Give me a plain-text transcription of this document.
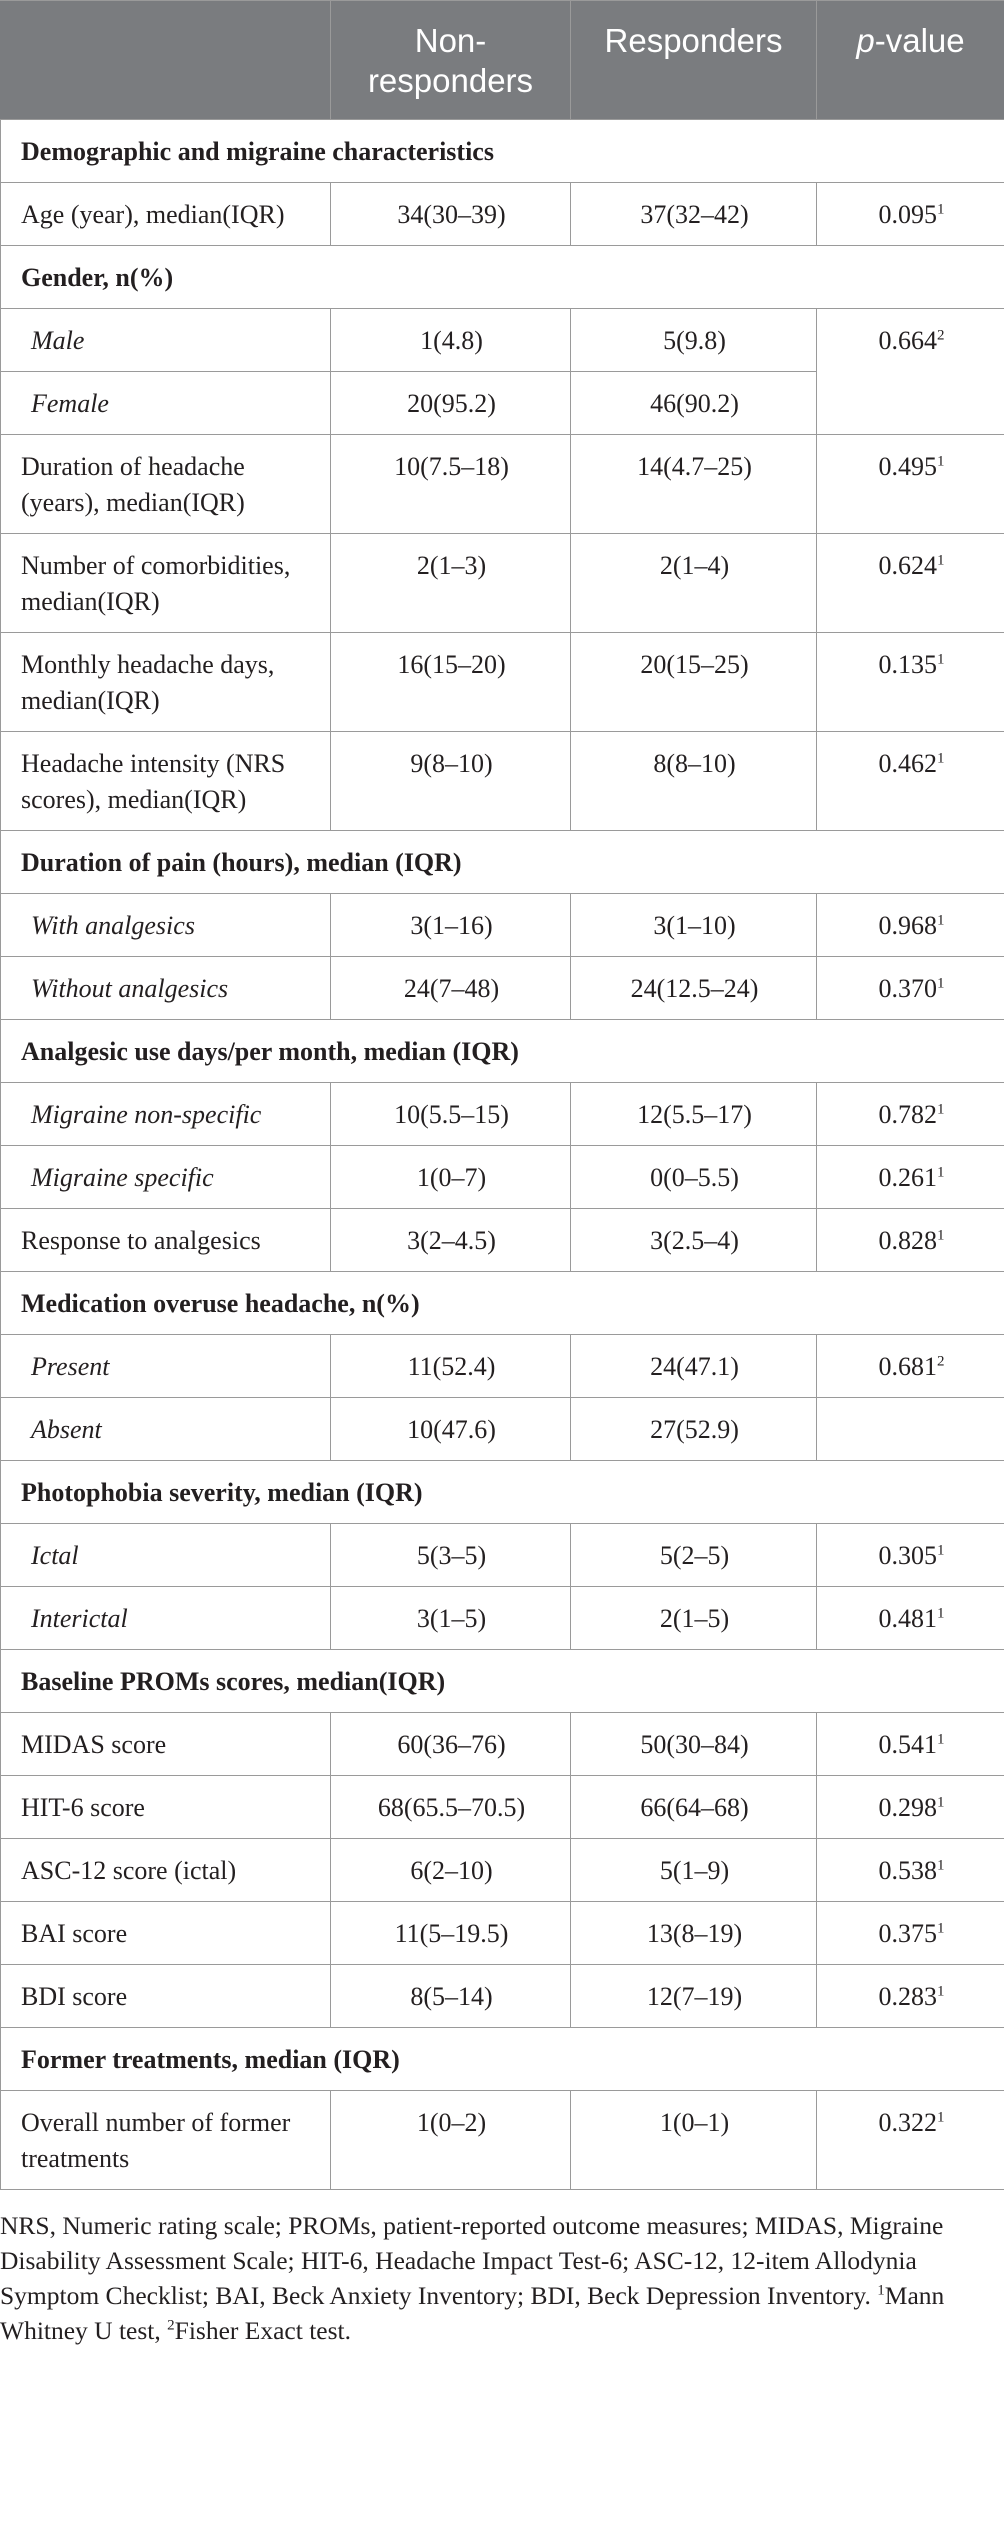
	Non-responders	Responders	p-value
Demographic and migraine characteristics			
Age (year), median(IQR)	34(30–39)	37(32–42)	0.095$^1$
Gender, n(%)			
Male	1(4.8)	5(9.8)	0.664$^2$
Female	20(95.2)	46(90.2)	
Duration of headache (years), median(IQR)	10(7.5–18)	14(4.7–25)	0.495$^1$
Number of comorbidities, median(IQR)	2(1–3)	2(1–4)	0.624$^1$
Monthly headache days, median(IQR)	16(15–20)	20(15–25)	0.135$^1$
Headache intensity (NRS scores), median(IQR)	9(8–10)	8(8–10)	0.462$^1$
Duration of pain (hours), median (IQR)			
With analgesics	3(1–16)	3(1–10)	0.968$^1$
Without analgesics	24(7–48)	24(12.5–24)	0.370$^1$
Analgesic use days/per month, median (IQR)			
Migraine non-specific	10(5.5–15)	12(5.5–17)	0.782$^1$
Migraine specific	1(0–7)	0(0–5.5)	0.261$^1$
Response to analgesics	3(2–4.5)	3(2.5–4)	0.828$^1$
Medication overuse headache, n(%)			
Present	11(52.4)	24(47.1)	0.681$^2$
Absent	10(47.6)	27(52.9)	
Photophobia severity, median (IQR)			
Ictal	5(3–5)	5(2–5)	0.305$^1$
Interictal	3(1–5)	2(1–5)	0.481$^1$
Baseline PROMs scores, median(IQR)			
MIDAS score	60(36–76)	50(30–84)	0.541$^1$
HIT-6 score	68(65.5–70.5)	66(64–68)	0.298$^1$
ASC-12 score (ictal)	6(2–10)	5(1–9)	0.538$^1$
BAI score	11(5–19.5)	13(8–19)	0.375$^1$
BDI score	8(5–14)	12(7–19)	0.283$^1$
Former treatments, median (IQR)			
Overall number of former treatments	1(0–2)	1(0–1)	0.322$^1$

NRS, Numeric rating scale; PROMs, patient-reported outcome measures; MIDAS, Migraine Disability Assessment Scale; HIT-6, Headache Impact Test-6; ASC-12, 12-item Allodynia Symptom Checklist; BAI, Beck Anxiety Inventory; BDI, Beck Depression Inventory. $^1$Mann Whitney U test, $^2$Fisher Exact test.
